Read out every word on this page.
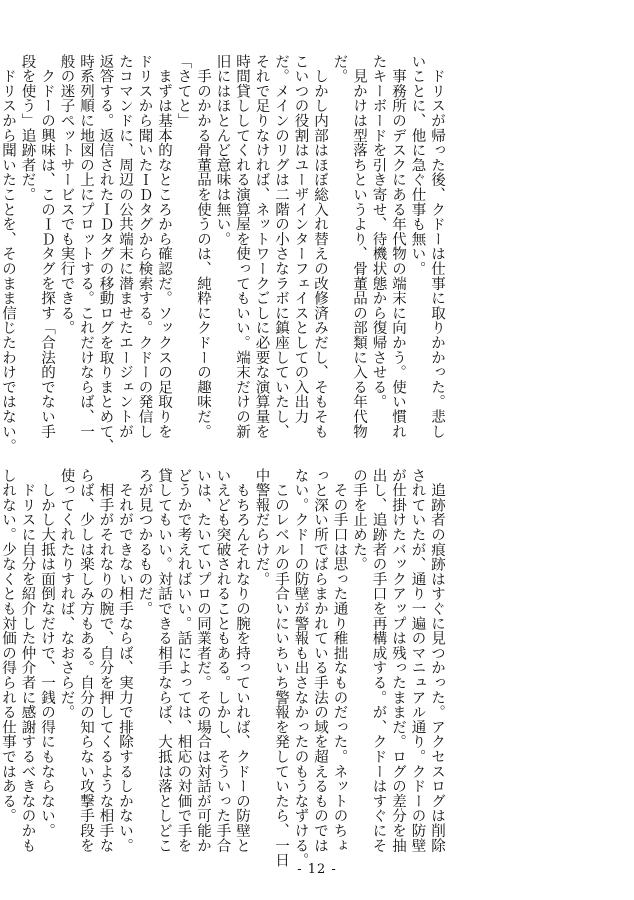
　ドリスが帰った後、クドーは仕事に取りかかった。悲し
いことに、他に急ぐ仕事も無い。
　事務所のデスクにある年代物の端末に向かう。使い慣れ
たキーボードを引き寄せ、待機状態から復帰させる。
　見かけは型落ちというより、骨董品の部類に入る年代物
だ。
　しかし内部はほぼ総入れ替えの改修済みだし、そもそも
こいつの役割はユーザインターフェイスとしての入出力
だ。メインのリグは二階の小さなラボに鎮座していたし、
それで足りなければ、ネットワークごしに必要な演算量を
時間貸ししてくれる演算屋を使ってもいい。端末だけの新
旧にはほとんど意味は無い。
　手のかかる骨董品を使うのは、純粋にクドーの趣味だ。
「さてと」
　まずは基本的なところから確認だ。ソックスの足取りを
ドリスから聞いたＩＤタグから検索する。クドーの発信し
たコマンドに、周辺の公共端末に潜ませたエージェントが
返答する。返信されたＩＤタグの移動ログを取りまとめて、
時系列順に地図の上にプロットする。これだけならば、一
般の迷子ペットサービスでも実行できる。
　クドーの興味は、このＩＤタグを探す「合法的でない手
段を使う」追跡者だ。
　ドリスから聞いたことを、そのまま信じたわけではない。
　追跡者の痕跡はすぐに見つかった。アクセスログは削除
されていたが、通り一遍のマニュアル通り。クドーの防壁
が仕掛けたバックアップは残ったままだ。ログの差分を抽
出し、追跡者の手口を再構成する。が、クドーはすぐにそ
の手を止めた。
　その手口は思った通り稚拙なものだった。ネットのちょ
っと深い所でばらまかれている手法の域を超えるものでは
ない。クドーの防壁が警報も出さなかったのもうなずける。
　このレベルの手合いにいちいち警報を発していたら、一日
中警報だらけだ。
　もちろんそれなりの腕を持っていれば、クドーの防壁と
いえども突破されることもある。しかし、そういった手合
いは、たいていプロの同業者だ。その場合は対話が可能か
どうかで考えればいい。話によっては、相応の対価で手を
貸してもいい。対話できる相手ならば、大抵は落としどこ
ろが見つかるものだ。
　それができない相手ならば、実力で排除するしかない。
　相手がそれなりの腕で、自分を押してくるような相手な
らば、少しは楽しみ方もある。自分の知らない攻撃手段を
使ってくれたりすれば、なおさらだ。
　しかし大抵は面倒なだけで、一銭の得にもならない。
　ドリスに自分を紹介した仲介者に感謝するべきなのかも
しれない。少なくとも対価の得られる仕事ではある。
- 12 -
